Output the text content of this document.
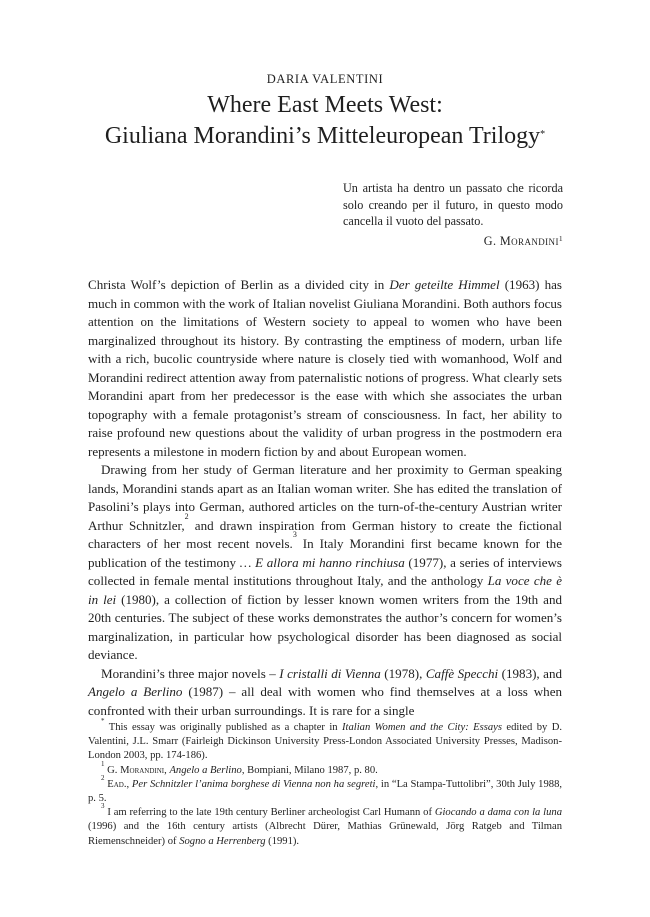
DARIA VALENTINI
Where East Meets West:
Giuliana Morandini’s Mitteleuropean Trilogy*
Un artista ha dentro un passato che ricorda solo creando per il futuro, in questo modo cancella il vuoto del passato.
G. Morandini$^1$

Christa Wolf’s depiction of Berlin as a divided city in Der geteilte Himmel (1963) has much in common with the work of Italian novelist Giuliana Morandini. Both authors focus attention on the limitations of Western society to appeal to women who have been marginalized throughout its history. By contrasting the emptiness of modern, urban life with a rich, bucolic countryside where nature is closely tied with womanhood, Wolf and Morandini redirect attention away from paternalistic notions of progress. What clearly sets Morandini apart from her predecessor is the ease with which she associates the urban topography with a female protagonist’s stream of consciousness. In fact, her ability to raise profound new questions about the validity of urban progress in the postmodern era represents a milestone in modern fiction by and about European women.

Drawing from her study of German literature and her proximity to German speaking lands, Morandini stands apart as an Italian woman writer. She has edited the translation of Pasolini’s plays into German, authored articles on the turn-of-the-century Austrian writer Arthur Schnitzler,$^2$ and drawn inspiration from German history to create the fictional characters of her most recent novels.$^3$ In Italy Morandini first became known for the publication of the testimony … E allora mi hanno rinchiusa (1977), a series of interviews collected in female mental institutions throughout Italy, and the anthology La voce che è in lei (1980), a collection of fiction by lesser known women writers from the 19th and 20th centuries. The subject of these works demonstrates the author’s concern for women’s marginalization, in particular how psychological disorder has been diagnosed as social deviance.

Morandini’s three major novels – I cristalli di Vienna (1978), Caffè Specchi (1983), and Angelo a Berlino (1987) – all deal with women who find themselves at a loss when confronted with their urban surroundings. It is rare for a single

* This essay was originally published as a chapter in Italian Women and the City: Essays edited by D. Valentini, J.L. Smarr (Fairleigh Dickinson University Press-London Associated University Presses, Madison-London 2003, pp. 174-186).

$^1$ G. Morandini, Angelo a Berlino, Bompiani, Milano 1987, p. 80.

$^2$ Ead., Per Schnitzler l’anima borghese di Vienna non ha segreti, in “La Stampa-Tuttolibri”, 30th July 1988, p. 5.

$^3$ I am referring to the late 19th century Berliner archeologist Carl Humann of Giocando a dama con la luna (1996) and the 16th century artists (Albrecht Dürer, Mathias Grünewald, Jörg Ratgeb and Tilman Riemenschneider) of Sogno a Herrenberg (1991).
